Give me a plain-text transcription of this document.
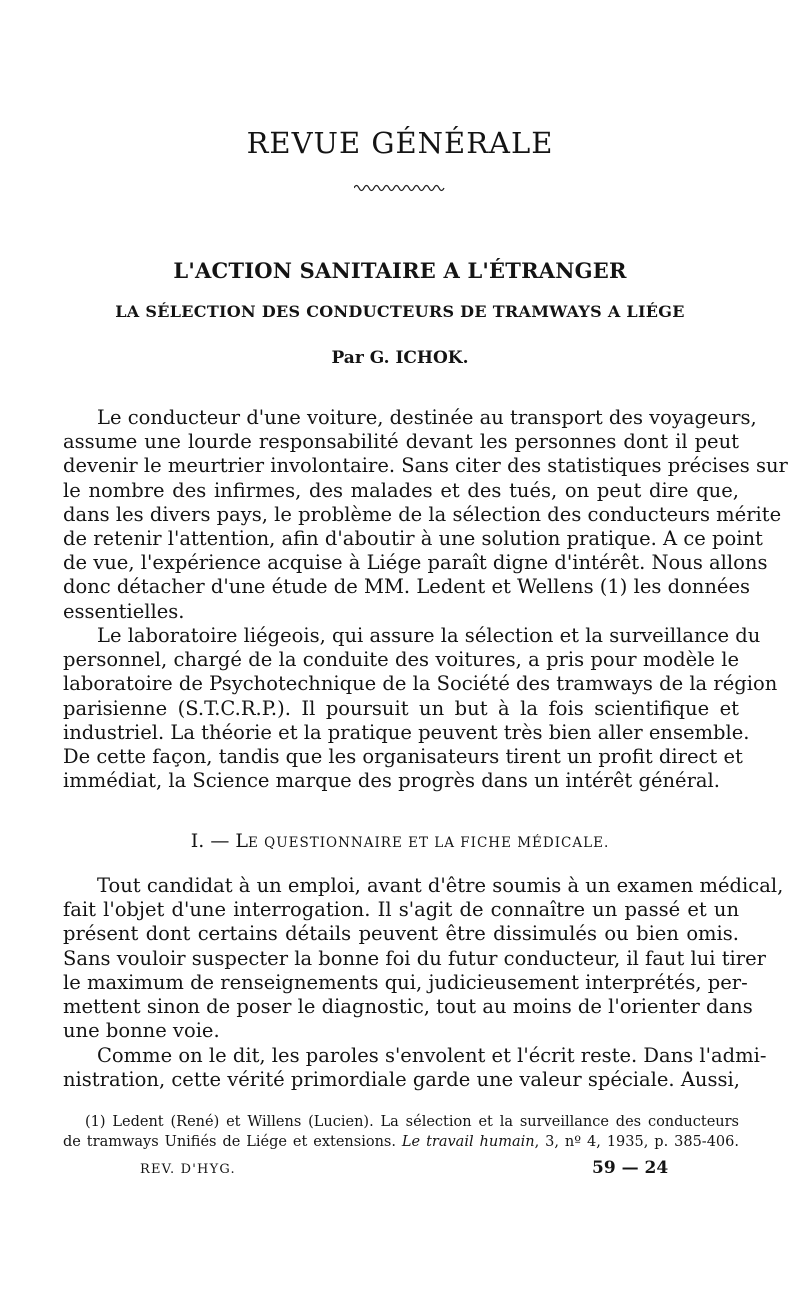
REVUE GÉNÉRALE
L'ACTION SANITAIRE A L'ÉTRANGER
LA SÉLECTION DES CONDUCTEURS DE TRAMWAYS A LIÉGE
Par G. ICHOK.
Le conducteur d'une voiture, destinée au transport des voyageurs,
assume une lourde responsabilité devant les personnes dont il peut
devenir le meurtrier involontaire. Sans citer des statistiques précises sur
le nombre des infirmes, des malades et des tués, on peut dire que,
dans les divers pays, le problème de la sélection des conducteurs mérite
de retenir l'attention, afin d'aboutir à une solution pratique. A ce point
de vue, l'expérience acquise à Liége paraît digne d'intérêt. Nous allons
donc détacher d'une étude de MM. Ledent et Wellens (1) les données
essentielles.
Le laboratoire liégeois, qui assure la sélection et la surveillance du
personnel, chargé de la conduite des voitures, a pris pour modèle le
laboratoire de Psychotechnique de la Société des tramways de la région
parisienne (S.T.C.R.P.). Il poursuit un but à la fois scientifique et
industriel. La théorie et la pratique peuvent très bien aller ensemble.
De cette façon, tandis que les organisateurs tirent un profit direct et
immédiat, la Science marque des progrès dans un intérêt général.
I. — LE QUESTIONNAIRE ET LA FICHE MÉDICALE.
Tout candidat à un emploi, avant d'être soumis à un examen médical,
fait l'objet d'une interrogation. Il s'agit de connaître un passé et un
présent dont certains détails peuvent être dissimulés ou bien omis.
Sans vouloir suspecter la bonne foi du futur conducteur, il faut lui tirer
le maximum de renseignements qui, judicieusement interprétés, per-
mettent sinon de poser le diagnostic, tout au moins de l'orienter dans
une bonne voie.
Comme on le dit, les paroles s'envolent et l'écrit reste. Dans l'admi-
nistration, cette vérité primordiale garde une valeur spéciale. Aussi,
(1) Ledent (René) et Willens (Lucien). La sélection et la surveillance des conducteurs
de tramways Unifiés de Liége et extensions. Le travail humain, 3, nº 4, 1935, p. 385-406.
REV. D'HYG.	59 — 24
